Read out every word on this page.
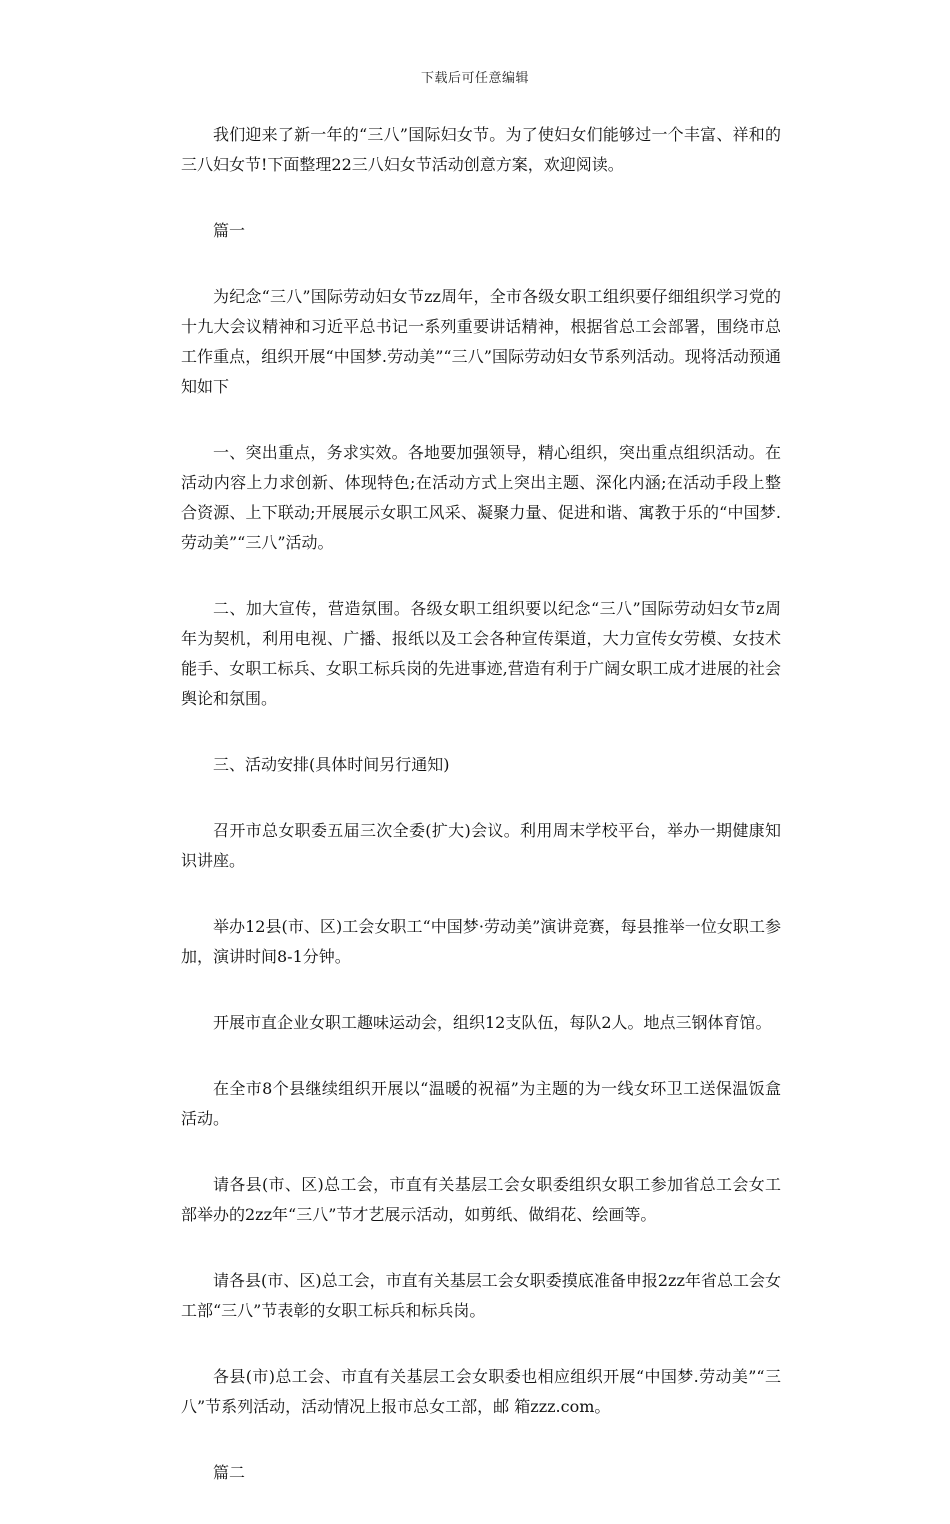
下载后可任意编辑

我们迎来了新一年的“三八”国际妇女节。为了使妇女们能够过一个丰富、祥和的三八妇女节!下面整理22三八妇女节活动创意方案，欢迎阅读。

篇一

为纪念“三八”国际劳动妇女节zz周年，全市各级女职工组织要仔细组织学习党的十九大会议精神和习近平总书记一系列重要讲话精神，根据省总工会部署，围绕市总工作重点，组织开展“中国梦.劳动美”“三八”国际劳动妇女节系列活动。现将活动预通知如下

一、突出重点，务求实效。各地要加强领导，精心组织，突出重点组织活动。在活动内容上力求创新、体现特色;在活动方式上突出主题、深化内涵;在活动手段上整合资源、上下联动;开展展示女职工风采、凝聚力量、促进和谐、寓教于乐的“中国梦.劳动美”“三八”活动。

二、加大宣传，营造氛围。各级女职工组织要以纪念“三八”国际劳动妇女节z周年为契机，利用电视、广播、报纸以及工会各种宣传渠道，大力宣传女劳模、女技术能手、女职工标兵、女职工标兵岗的先进事迹,营造有利于广阔女职工成才进展的社会舆论和氛围。

三、活动安排(具体时间另行通知)

召开市总女职委五届三次全委(扩大)会议。利用周末学校平台，举办一期健康知识讲座。

举办12县(市、区)工会女职工“中国梦·劳动美”演讲竞赛，每县推举一位女职工参加，演讲时间8-1分钟。

开展市直企业女职工趣味运动会，组织12支队伍，每队2人。地点三钢体育馆。

在全市8个县继续组织开展以“温暖的祝福”为主题的为一线女环卫工送保温饭盒活动。

请各县(市、区)总工会，市直有关基层工会女职委组织女职工参加省总工会女工部举办的2zz年“三八”节才艺展示活动，如剪纸、做绢花、绘画等。

请各县(市、区)总工会，市直有关基层工会女职委摸底准备申报2zz年省总工会女工部“三八”节表彰的女职工标兵和标兵岗。

各县(市)总工会、市直有关基层工会女职委也相应组织开展“中国梦.劳动美”“三八”节系列活动，活动情况上报市总女工部，邮 箱zzz.com。

篇二
